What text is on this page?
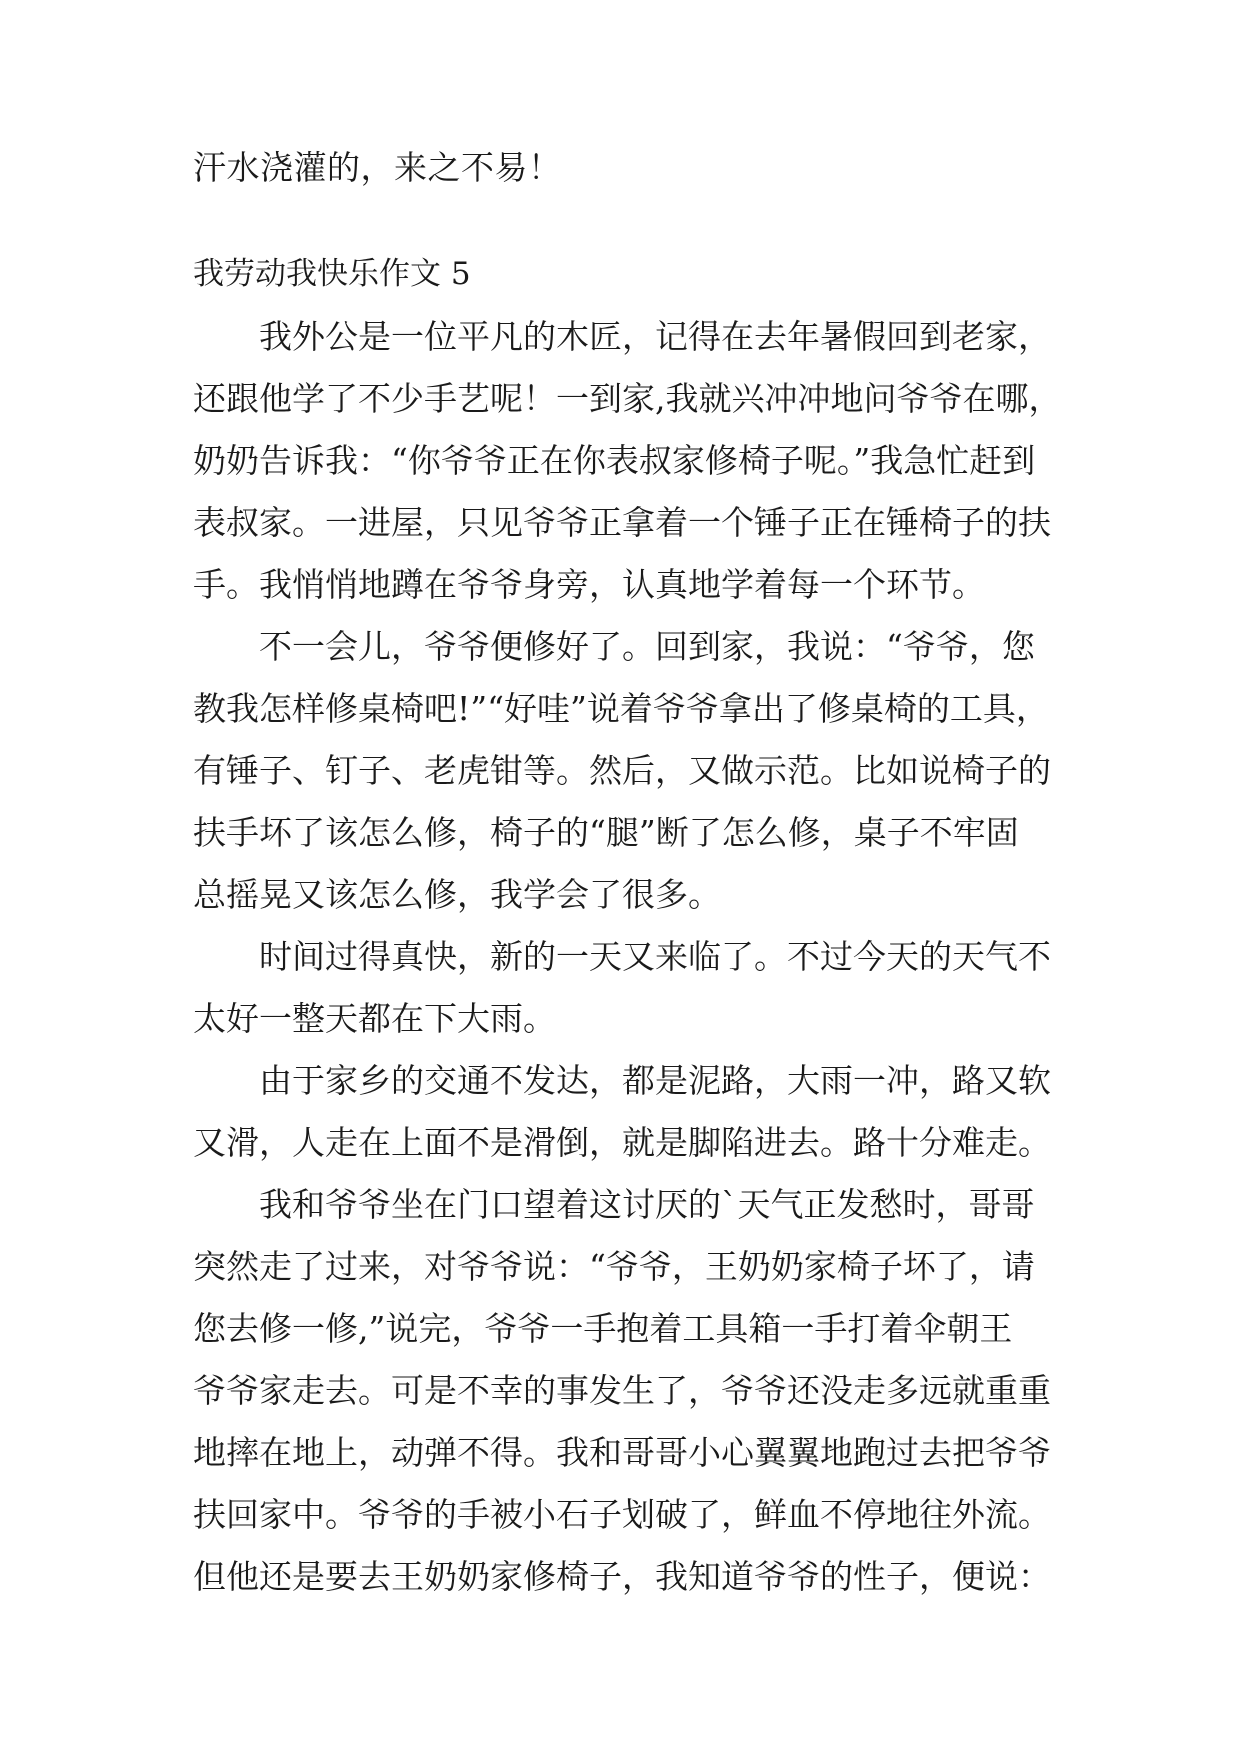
汗水浇灌的，来之不易！
我劳动我快乐作文 5
我外公是一位平凡的木匠，记得在去年暑假回到老家，
还跟他学了不少手艺呢！一到家,我就兴冲冲地问爷爷在哪，
奶奶告诉我：“你爷爷正在你表叔家修椅子呢。”我急忙赶到
表叔家。一进屋，只见爷爷正拿着一个锤子正在锤椅子的扶
手。我悄悄地蹲在爷爷身旁，认真地学着每一个环节。
不一会儿，爷爷便修好了。回到家，我说：“爷爷，您
教我怎样修桌椅吧!”“好哇”说着爷爷拿出了修桌椅的工具，
有锤子、钉子、老虎钳等。然后，又做示范。比如说椅子的
扶手坏了该怎么修，椅子的“腿”断了怎么修，桌子不牢固
总摇晃又该怎么修，我学会了很多。
时间过得真快，新的一天又来临了。不过今天的天气不
太好一整天都在下大雨。
由于家乡的交通不发达，都是泥路，大雨一冲，路又软
又滑，人走在上面不是滑倒，就是脚陷进去。路十分难走。
我和爷爷坐在门口望着这讨厌的`天气正发愁时，哥哥
突然走了过来，对爷爷说：“爷爷，王奶奶家椅子坏了，请
您去修一修,”说完，爷爷一手抱着工具箱一手打着伞朝王
爷爷家走去。可是不幸的事发生了，爷爷还没走多远就重重
地摔在地上，动弹不得。我和哥哥小心翼翼地跑过去把爷爷
扶回家中。爷爷的手被小石子划破了，鲜血不停地往外流。
但他还是要去王奶奶家修椅子，我知道爷爷的性子，便说：
